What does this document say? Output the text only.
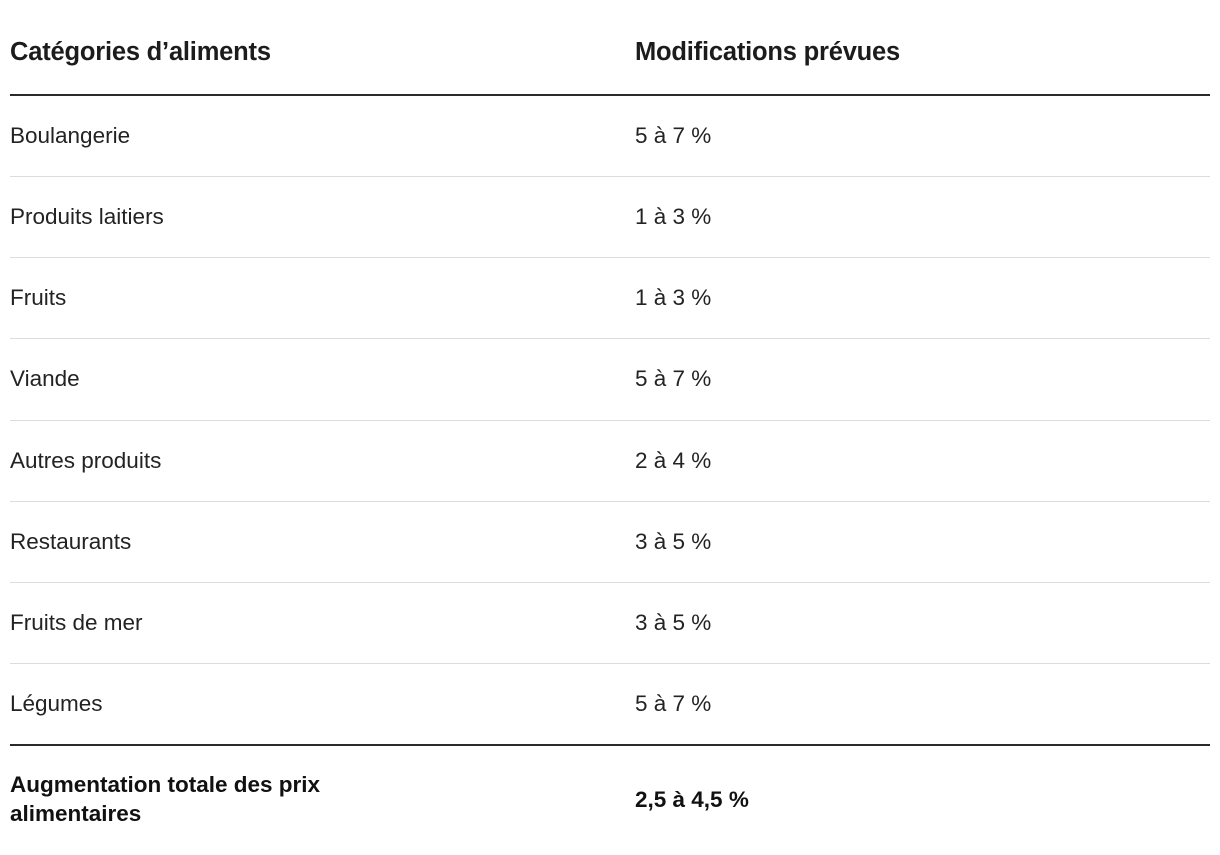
Catégories d’aliments	Modifications prévues
Boulangerie	5 à 7 %
Produits laitiers	1 à 3 %
Fruits	1 à 3 %
Viande	5 à 7 %
Autres produits	2 à 4 %
Restaurants	3 à 5 %
Fruits de mer	3 à 5 %
Légumes	5 à 7 %

Augmentation totale des prix alimentaires	2,5 à 4,5 %
